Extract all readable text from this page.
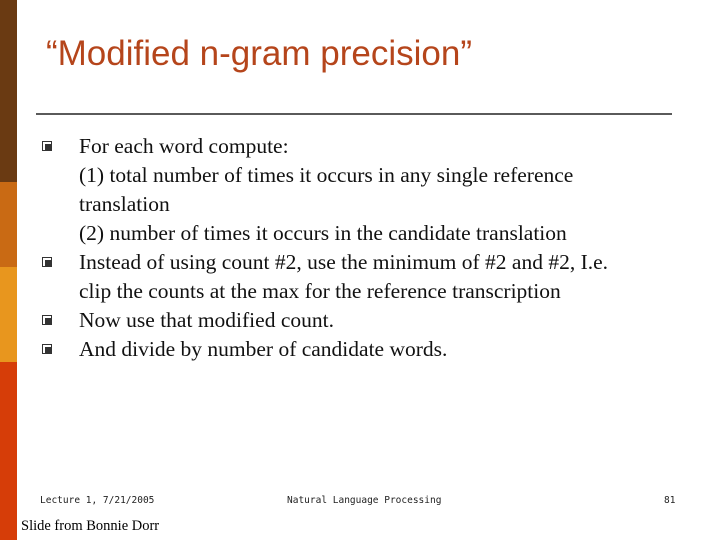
“Modified n-gram precision”
For each word compute:
(1) total number of times it occurs in any single reference
translation
(2) number of times it occurs in the candidate translation
Instead of using count #2, use the minimum of #2 and #2, I.e.
clip the counts at the max for the reference transcription
Now use that modified count.
And divide by number of candidate words.
Lecture 1, 7/21/2005	Natural Language Processing	81
Slide from Bonnie Dorr
